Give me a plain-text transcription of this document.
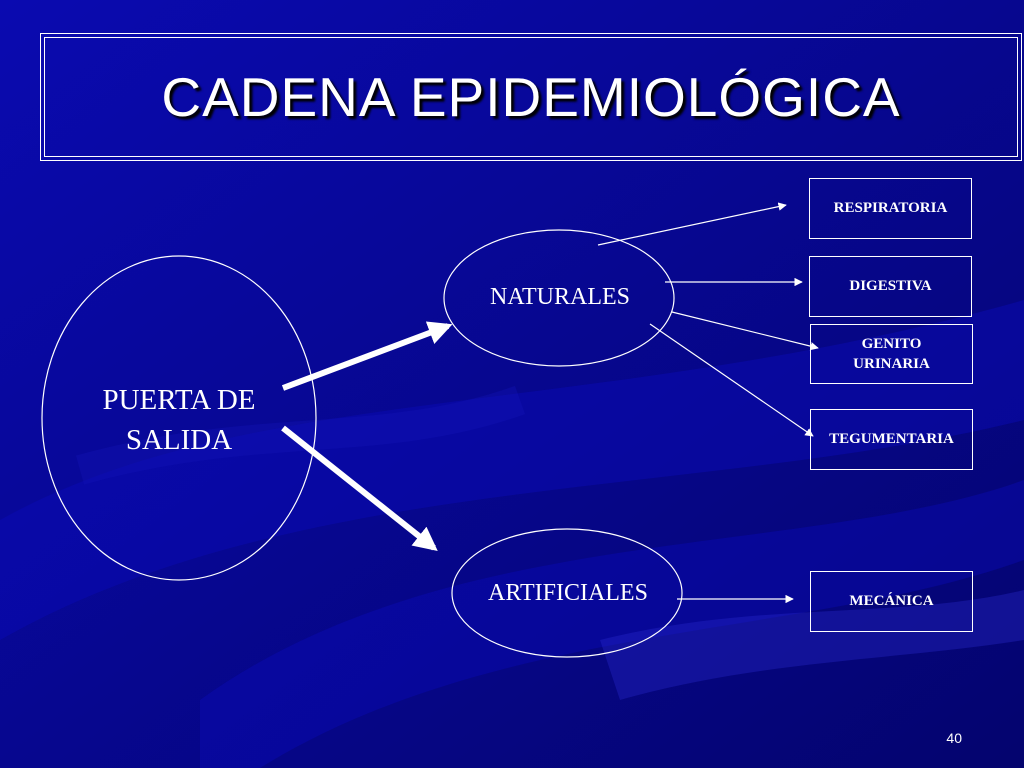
CADENA EPIDEMIOLÓGICA
PUERTA DE
SALIDA
NATURALES
ARTIFICIALES
RESPIRATORIA
DIGESTIVA
GENITO
URINARIA
TEGUMENTARIA
MECÁNICA
40
